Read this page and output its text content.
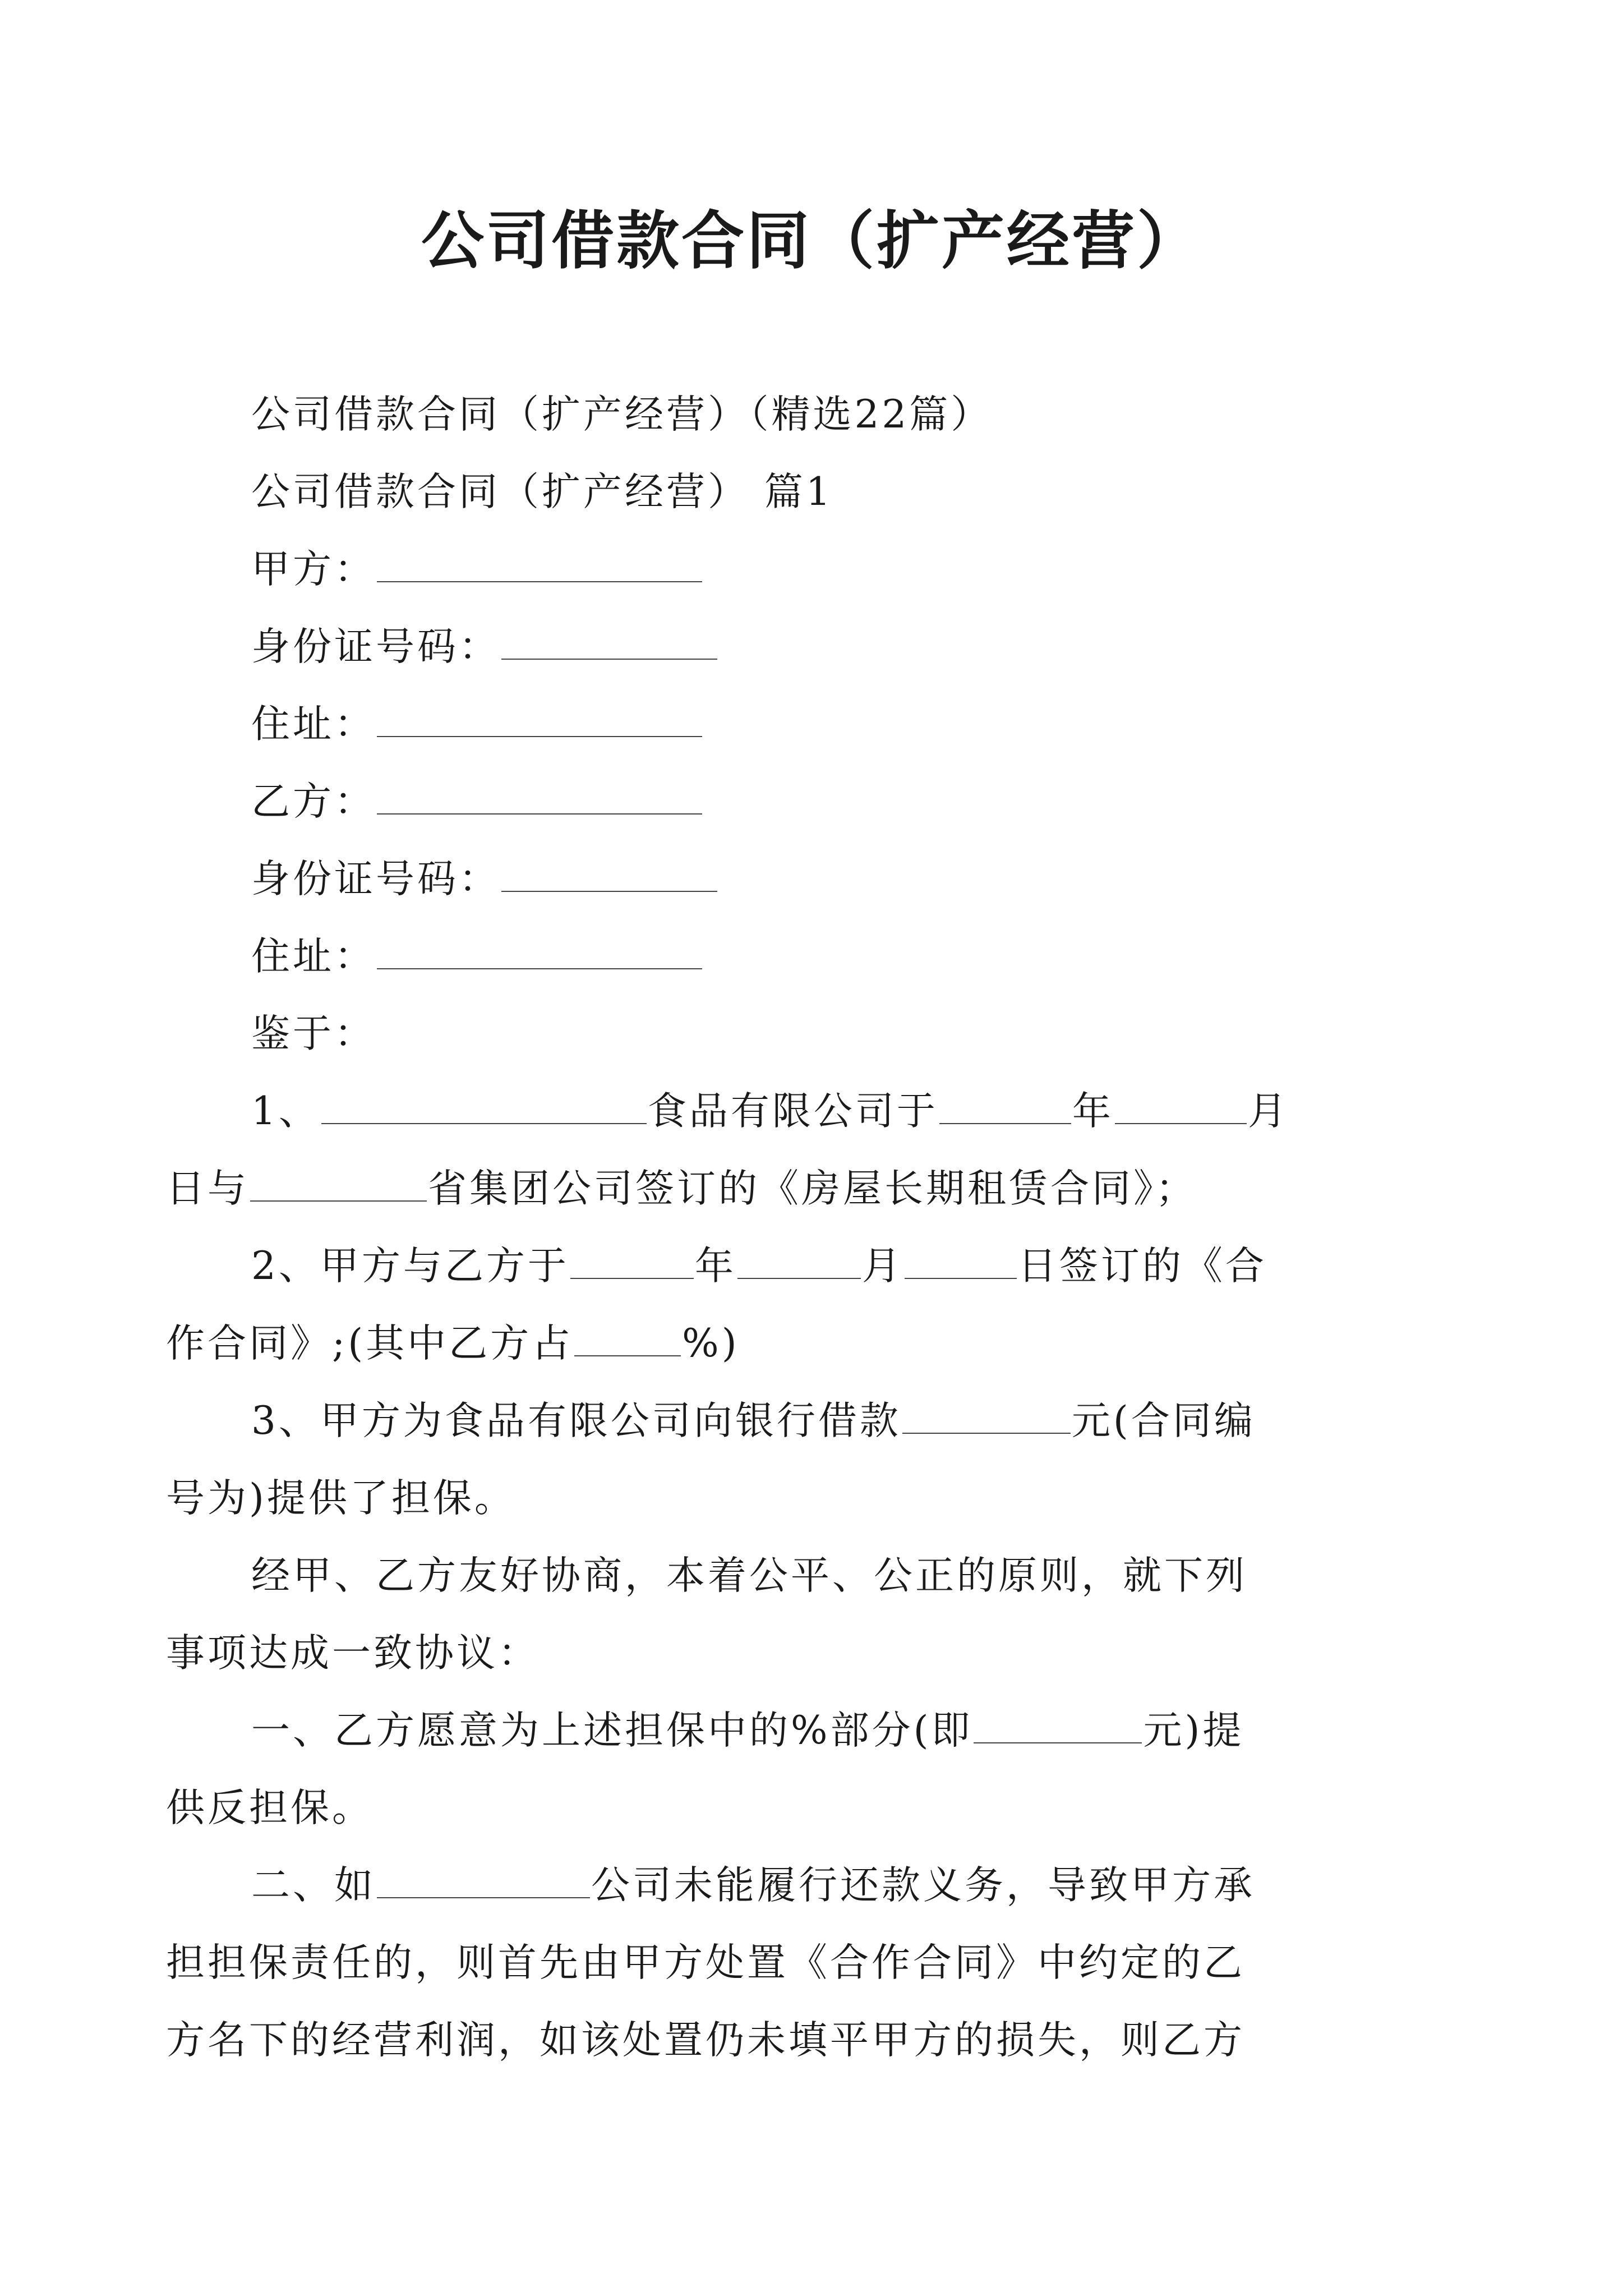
公司借款合同（扩产经营）

公司借款合同（扩产经营）（精选22篇）

公司借款合同（扩产经营） 篇1

甲方：

身份证号码：

住址：

乙方：

身份证号码：

住址：

鉴于：

1、	食品有限公司于	年	月

日与	省集团公司签订的《房屋长期租赁合同》；

2、甲方与乙方于	年	月	日签订的《合

作合同》;(其中乙方占	%)

3、甲方为食品有限公司向银行借款	元(合同编

号为)提供了担保。

经甲、乙方友好协商，本着公平、公正的原则，就下列

事项达成一致协议：

一、乙方愿意为上述担保中的%部分(即	元)提

供反担保。

二、如	公司未能履行还款义务，导致甲方承

担担保责任的，则首先由甲方处置《合作合同》中约定的乙

方名下的经营利润，如该处置仍未填平甲方的损失，则乙方
